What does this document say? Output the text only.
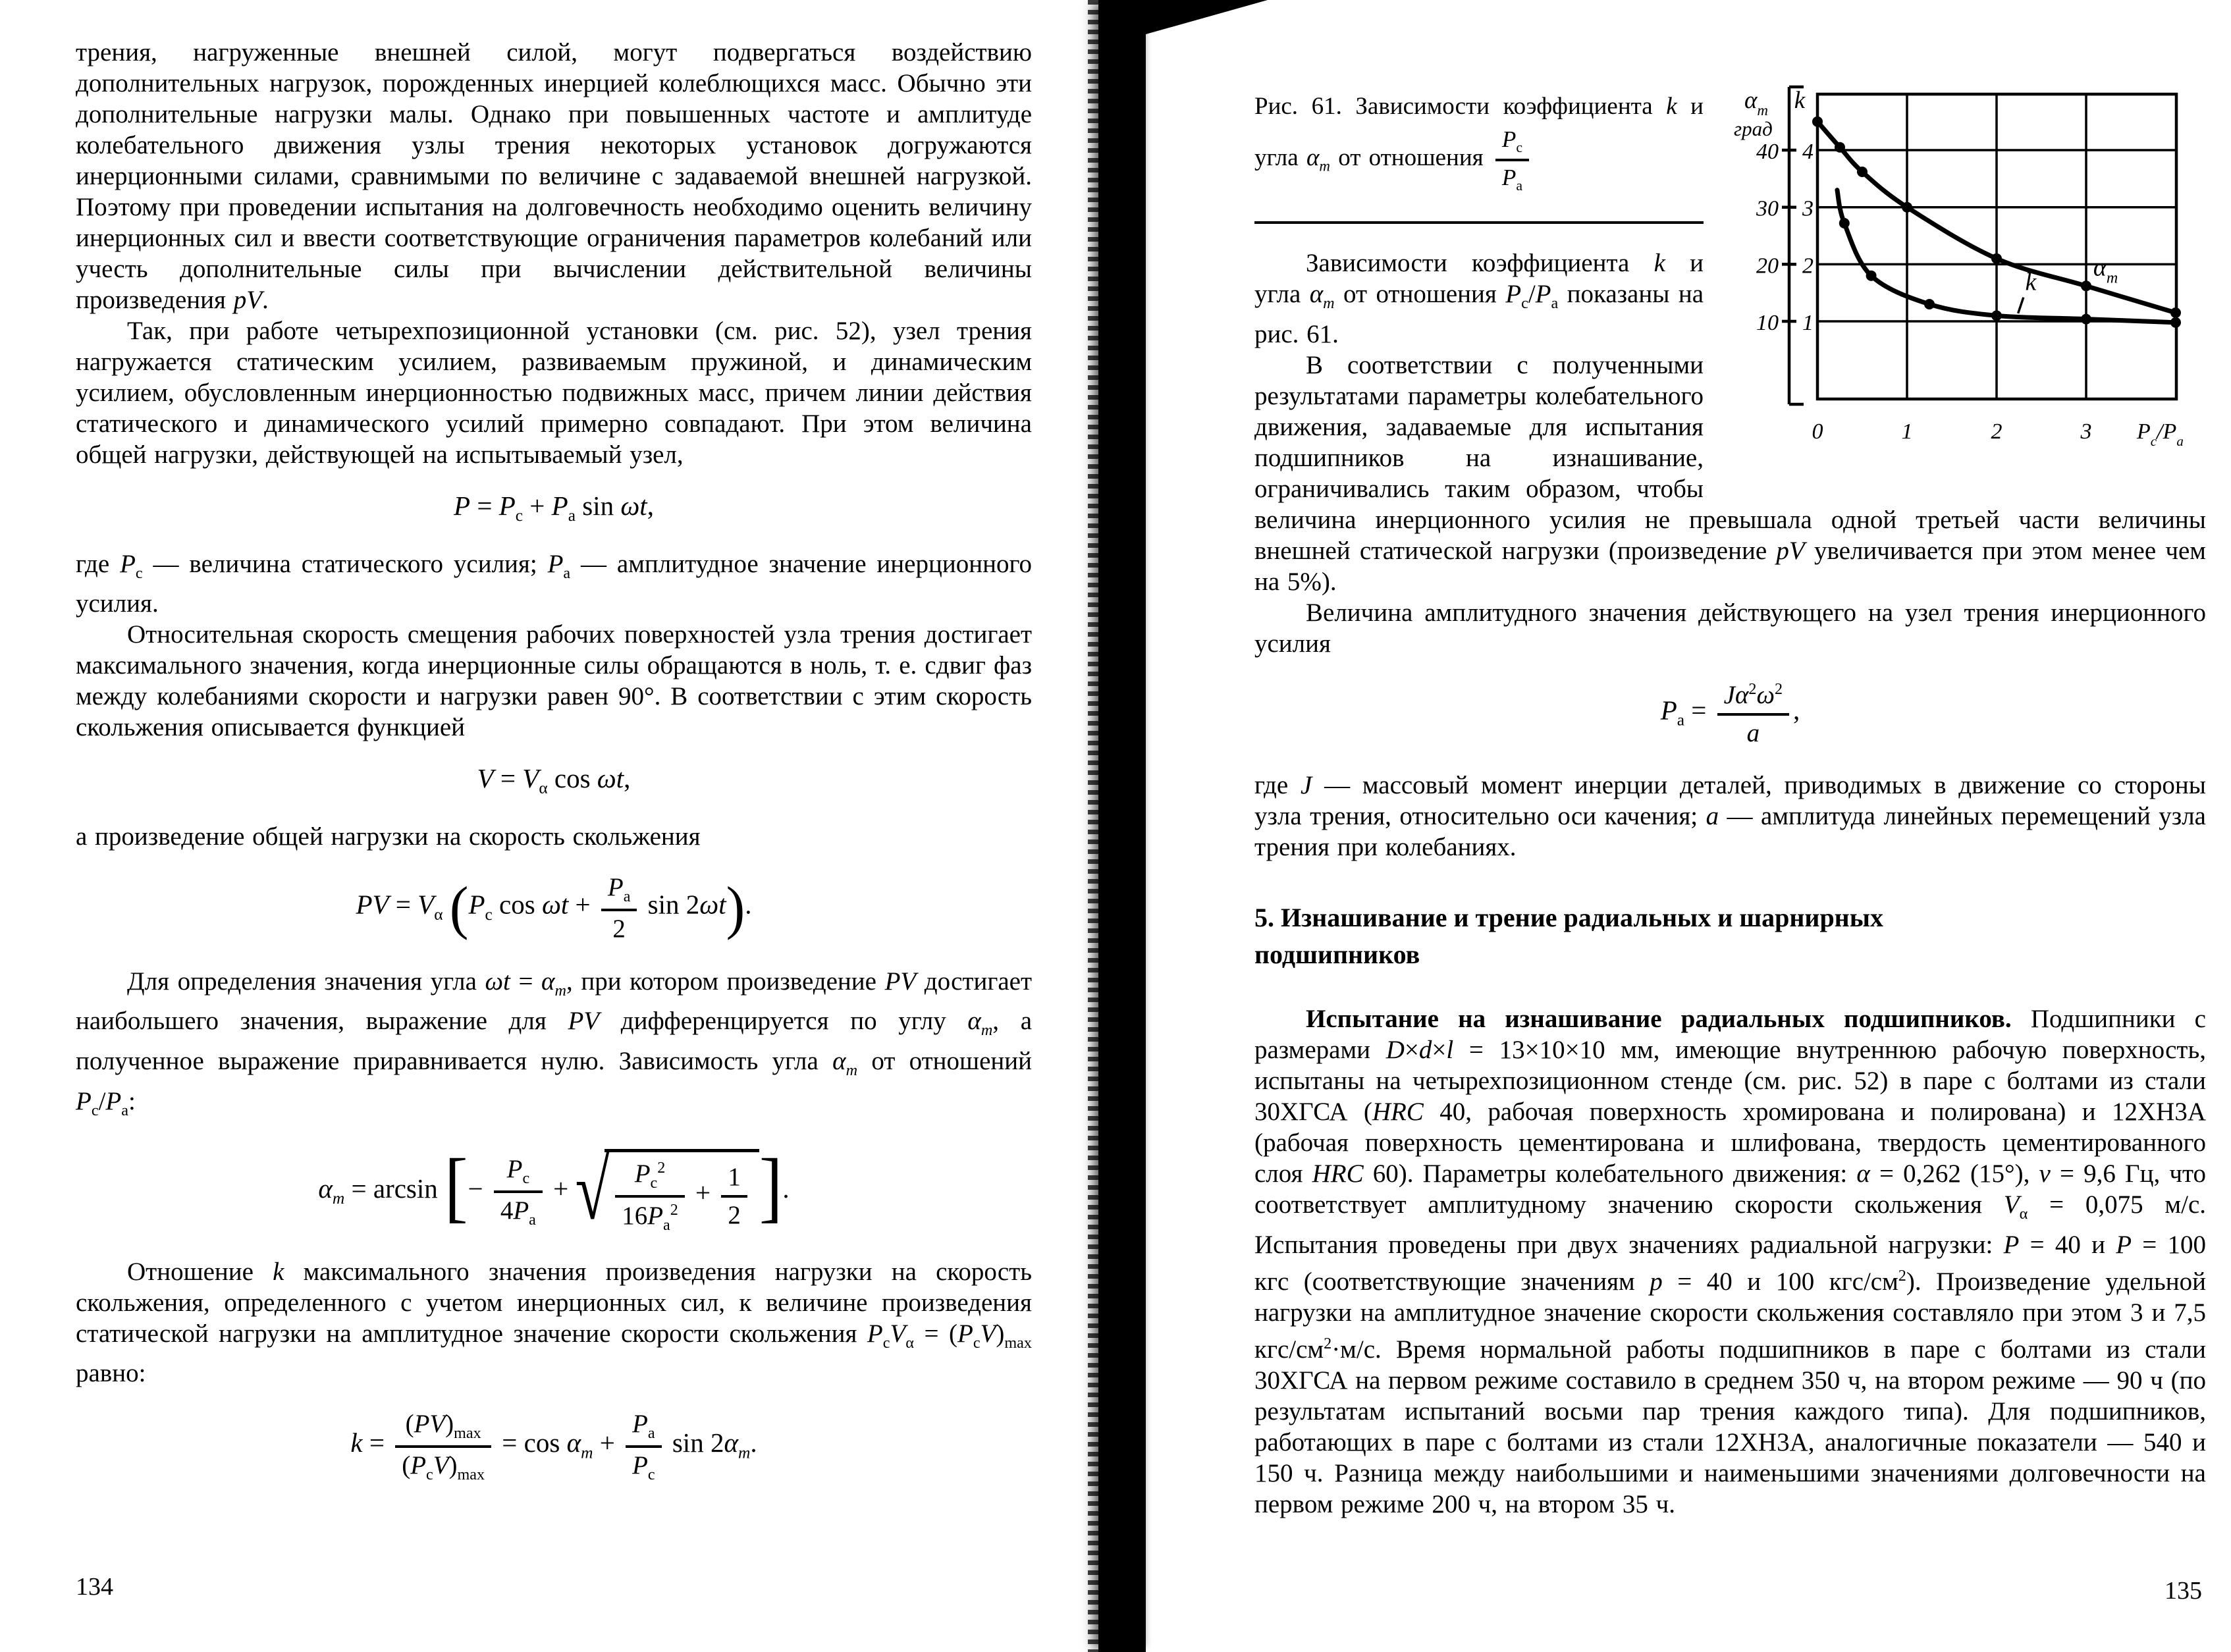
трения, нагруженные внешней силой, могут подвергаться воздействию дополнительных нагрузок, порожденных инерцией колеблющихся масс. Обычно эти дополнительные нагрузки малы. Однако при повышенных частоте и амплитуде колебательного движения узлы трения некоторых установок догружаются инерционными силами, сравнимыми по величине с задаваемой внешней нагрузкой. Поэтому при проведении испытания на долговечность необходимо оценить величину инерционных сил и ввести соответствующие ограничения параметров колебаний или учесть дополнительные силы при вычислении действительной величины произведения pV.

Так, при работе четырехпозиционной установки (см. рис. 52), узел трения нагружается статическим усилием, развиваемым пружиной, и динамическим усилием, обусловленным инерционностью подвижных масс, причем линии действия статического и динамического усилий примерно совпадают. При этом величина общей нагрузки, действующей на испытываемый узел,

$P = P_c + P_a$ sin ωt,

где $P_c$ — величина статического усилия; $P_a$ — амплитудное значение инерционного усилия.

Относительная скорость смещения рабочих поверхностей узла трения достигает максимального значения, когда инерционные силы обращаются в ноль, т. е. сдвиг фаз между колебаниями скорости и нагрузки равен 90°. В соответствии с этим скорость скольжения описывается функцией

$V = V_\alpha$ cos ωt,

а произведение общей нагрузки на скорость скольжения

PV = $V_\alpha$ ($P_c$ $\cos \omega t + \frac{P_a}{2}$ sin 2ωt).

Для определения значения угла $\omega t = \alpha_m$, при котором произведение PV достигает наибольшего значения, выражение для PV дифференцируется по углу $\alpha_m$, а полученное выражение приравнивается нулю. Зависимость угла $\alpha_m$ от отношений $P_c/P_a$:

$\alpha_m = \arcsin$ [− $\frac{P_c}{4P_a}$ + √ $\frac{P_c^2}{16P_a^2} + \frac{1}{2}$ ].

Отношение k максимального значения произведения нагрузки на скорость скольжения, определенного с учетом инерционных сил, к величине произведения статической нагрузки на амплитудное значение скорости скольжения $P_cV_\alpha = (P_cV)_{max}$ равно:

$k = \frac{(PV)_{max}}{(P_cV)_{max}} = \cos \alpha_m + \frac{P_a}{P_c}$ $\sin 2\alpha_m$.
134
40
30
20
10
4
3
2
1
0	1	2	3 $P_c/P_a$
$\alpha_m$
град
k
$\alpha_m$
k
Рис. 61. Зависимости коэффициента k и угла $\alpha_m$ от отношения $\frac{P_c}{P_a}$

Зависимости коэффициента k и угла $\alpha_m$ от отношения $P_c/P_a$ показаны на рис. 61.

В соответствии с полученными результатами параметры колебательного движения, задаваемые для испытания подшипников на изнашивание, ограничивались таким образом, чтобы величина инерционного усилия не превышала одной третьей части величины внешней статической нагрузки (произведение pV увеличивается при этом менее чем на 5%).

Величина амплитудного значения действующего на узел трения инерционного усилия

$P_a = \frac{J\alpha^2\omega^2}{a}$ ,

где J — массовый момент инерции деталей, приводимых в движение со стороны узла трения, относительно оси качения; a — амплитуда линейных перемещений узла трения при колебаниях.

5. Изнашивание и трение радиальных и шарнирных подшипников

Испытание на изнашивание радиальных подшипников. Подшипники с размерами D×d×l = 13×10×10 мм, имеющие внутреннюю рабочую поверхность, испытаны на четырехпозиционном стенде (см. рис. 52) в паре с болтами из стали 30ХГСА (HRC 40, рабочая поверхность хромирована и полирована) и 12ХН3А (рабочая поверхность цементирована и шлифована, твердость цементированного слоя HRC 60). Параметры колебательного движения: α = 0,262 (15°), ν = 9,6 Гц, что соответствует амплитудному значению скорости скольжения $V_\alpha = 0,075$ м/с. Испытания проведены при двух значениях радиальной нагрузки: P = 40 и P = 100 кгс (соответствующие значениям p = 40 и 100 кгс/$см^2$). Произведение удельной нагрузки на амплитудное значение скорости скольжения составляло при этом 3 и 7,5 кгс/$см^2\cdot м/с$. Время нормальной работы подшипников в паре с болтами из стали 30ХГСА на первом режиме составило в среднем 350 ч, на втором режиме — 90 ч (по результатам испытаний восьми пар трения каждого типа). Для подшипников, работающих в паре с болтами из стали 12ХН3А, аналогичные показатели — 540 и 150 ч. Разница между наибольшими и наименьшими значениями долговечности на первом режиме 200 ч, на втором 35 ч.

135
